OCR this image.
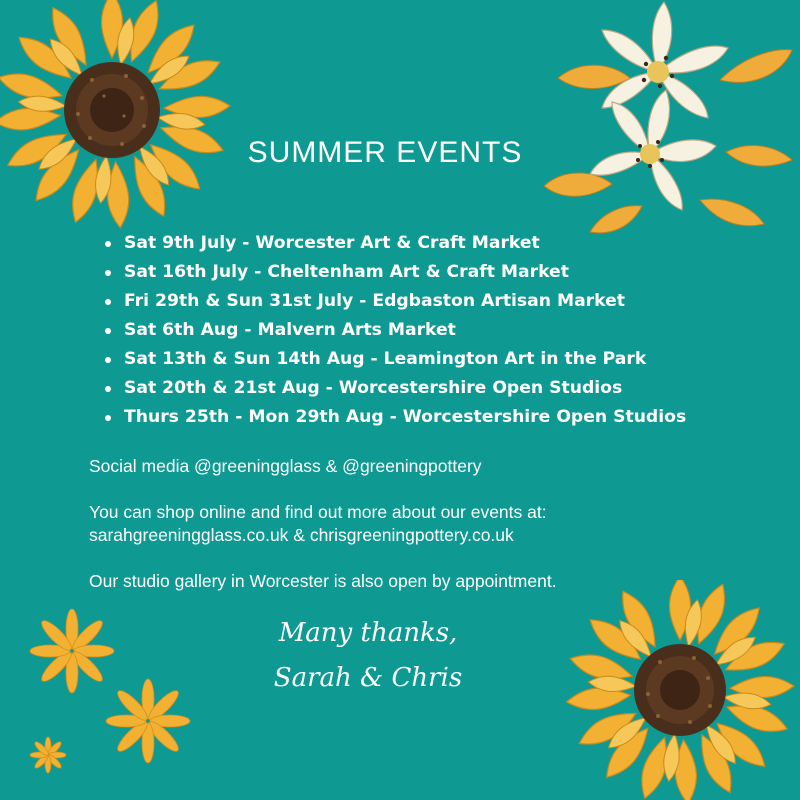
SUMMER EVENTS
Sat 9th July - Worcester Art & Craft Market
Sat 16th July - Cheltenham Art & Craft Market
Fri 29th & Sun 31st July - Edgbaston Artisan Market
Sat 6th Aug - Malvern Arts Market
Sat 13th & Sun 14th Aug - Leamington Art in the Park
Sat 20th & 21st Aug - Worcestershire Open Studios
Thurs 25th - Mon 29th Aug - Worcestershire Open Studios
Social media @greeningglass & @greeningpottery
You can shop online and find out more about our events at:
sarahgreeningglass.co.uk & chrisgreeningpottery.co.uk
Our studio gallery in Worcester is also open by appointment.
Many thanks,
Sarah & Chris
